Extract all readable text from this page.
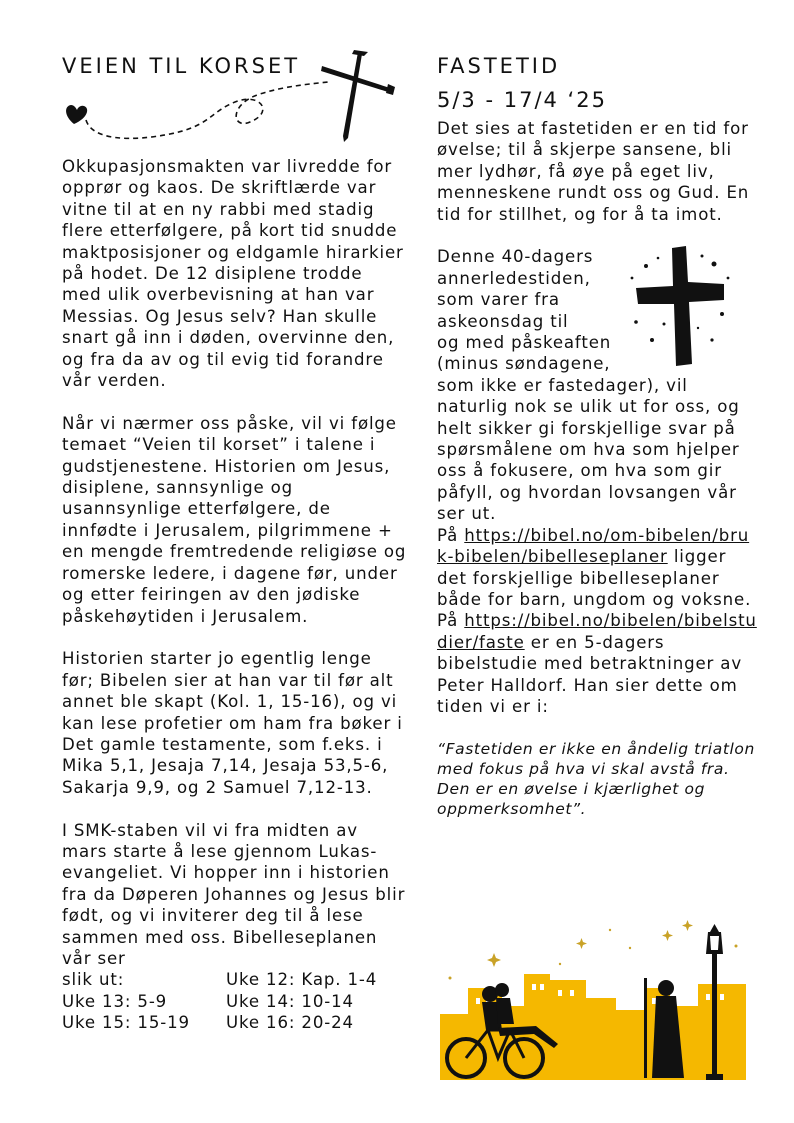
VEIEN TIL KORSET

Okkupasjonsmakten var livredde for opprør og kaos. De skriftlærde var vitne til at en ny rabbi med stadig flere etterfølgere, på kort tid snudde maktposisjoner og eldgamle hirarkier på hodet. De 12 disiplene trodde med ulik overbevisning at han var Messias. Og Jesus selv? Han skulle snart gå inn i døden, overvinne den, og fra da av og til evig tid forandre vår verden.

Når vi nærmer oss påske, vil vi følge temaet “Veien til korset” i talene i gudstjenestene. Historien om Jesus, disiplene, sannsynlige og usannsynlige etterfølgere, de innfødte i Jerusalem, pilgrimmene + en mengde fremtredende religiøse og romerske ledere, i dagene før, under og etter feiringen av den jødiske påskehøytiden i Jerusalem.

Historien starter jo egentlig lenge før; Bibelen sier at han var til før alt annet ble skapt (Kol. 1, 15-16), og vi kan lese profetier om ham fra bøker i Det gamle testamente, som f.eks. i Mika 5,1, Jesaja 7,14, Jesaja 53,5-6, Sakarja 9,9, og 2 Samuel 7,12-13.

I SMK-staben vil vi fra midten av mars starte å lese gjennom Lukas-evangeliet. Vi hopper inn i historien fra da Døperen Johannes og Jesus blir født, og vi inviterer deg til å lese sammen med oss. Bibelleseplanen vår ser

slik ut:	Uke 12: Kap. 1-4
Uke 13: 5-9	Uke 14: 10-14
Uke 15: 15-19	Uke 16: 20-24
FASTETID
5/3 - 17/4 ‘25

Det sies at fastetiden er en tid for øvelse; til å skjerpe sansene, bli mer lydhør, få øye på eget liv, menneskene rundt oss og Gud. En tid for stillhet, og for å ta imot.

Denne 40-dagers
annerledestiden,
som varer fra
askeonsdag til
og med påskeaften
(minus søndagene,

som ikke er fastedager), vil naturlig nok se ulik ut for oss, og helt sikker gi forskjellige svar på spørsmålene om hva som hjelper oss å fokusere, om hva som gir påfyll, og hvordan lovsangen vår ser ut.

På https://bibel.no/om-bibelen/bruk-bibelen/bibelleseplaner ligger det forskjellige bibelleseplaner både for barn, ungdom og voksne.

På https://bibel.no/bibelen/bibelstudier/faste er en 5-dagers bibelstudie med betraktninger av Peter Halldorf. Han sier dette om tiden vi er i:

“Fastetiden er ikke en åndelig triatlon med fokus på hva vi skal avstå fra. Den er en øvelse i kjærlighet og oppmerksomhet”.
